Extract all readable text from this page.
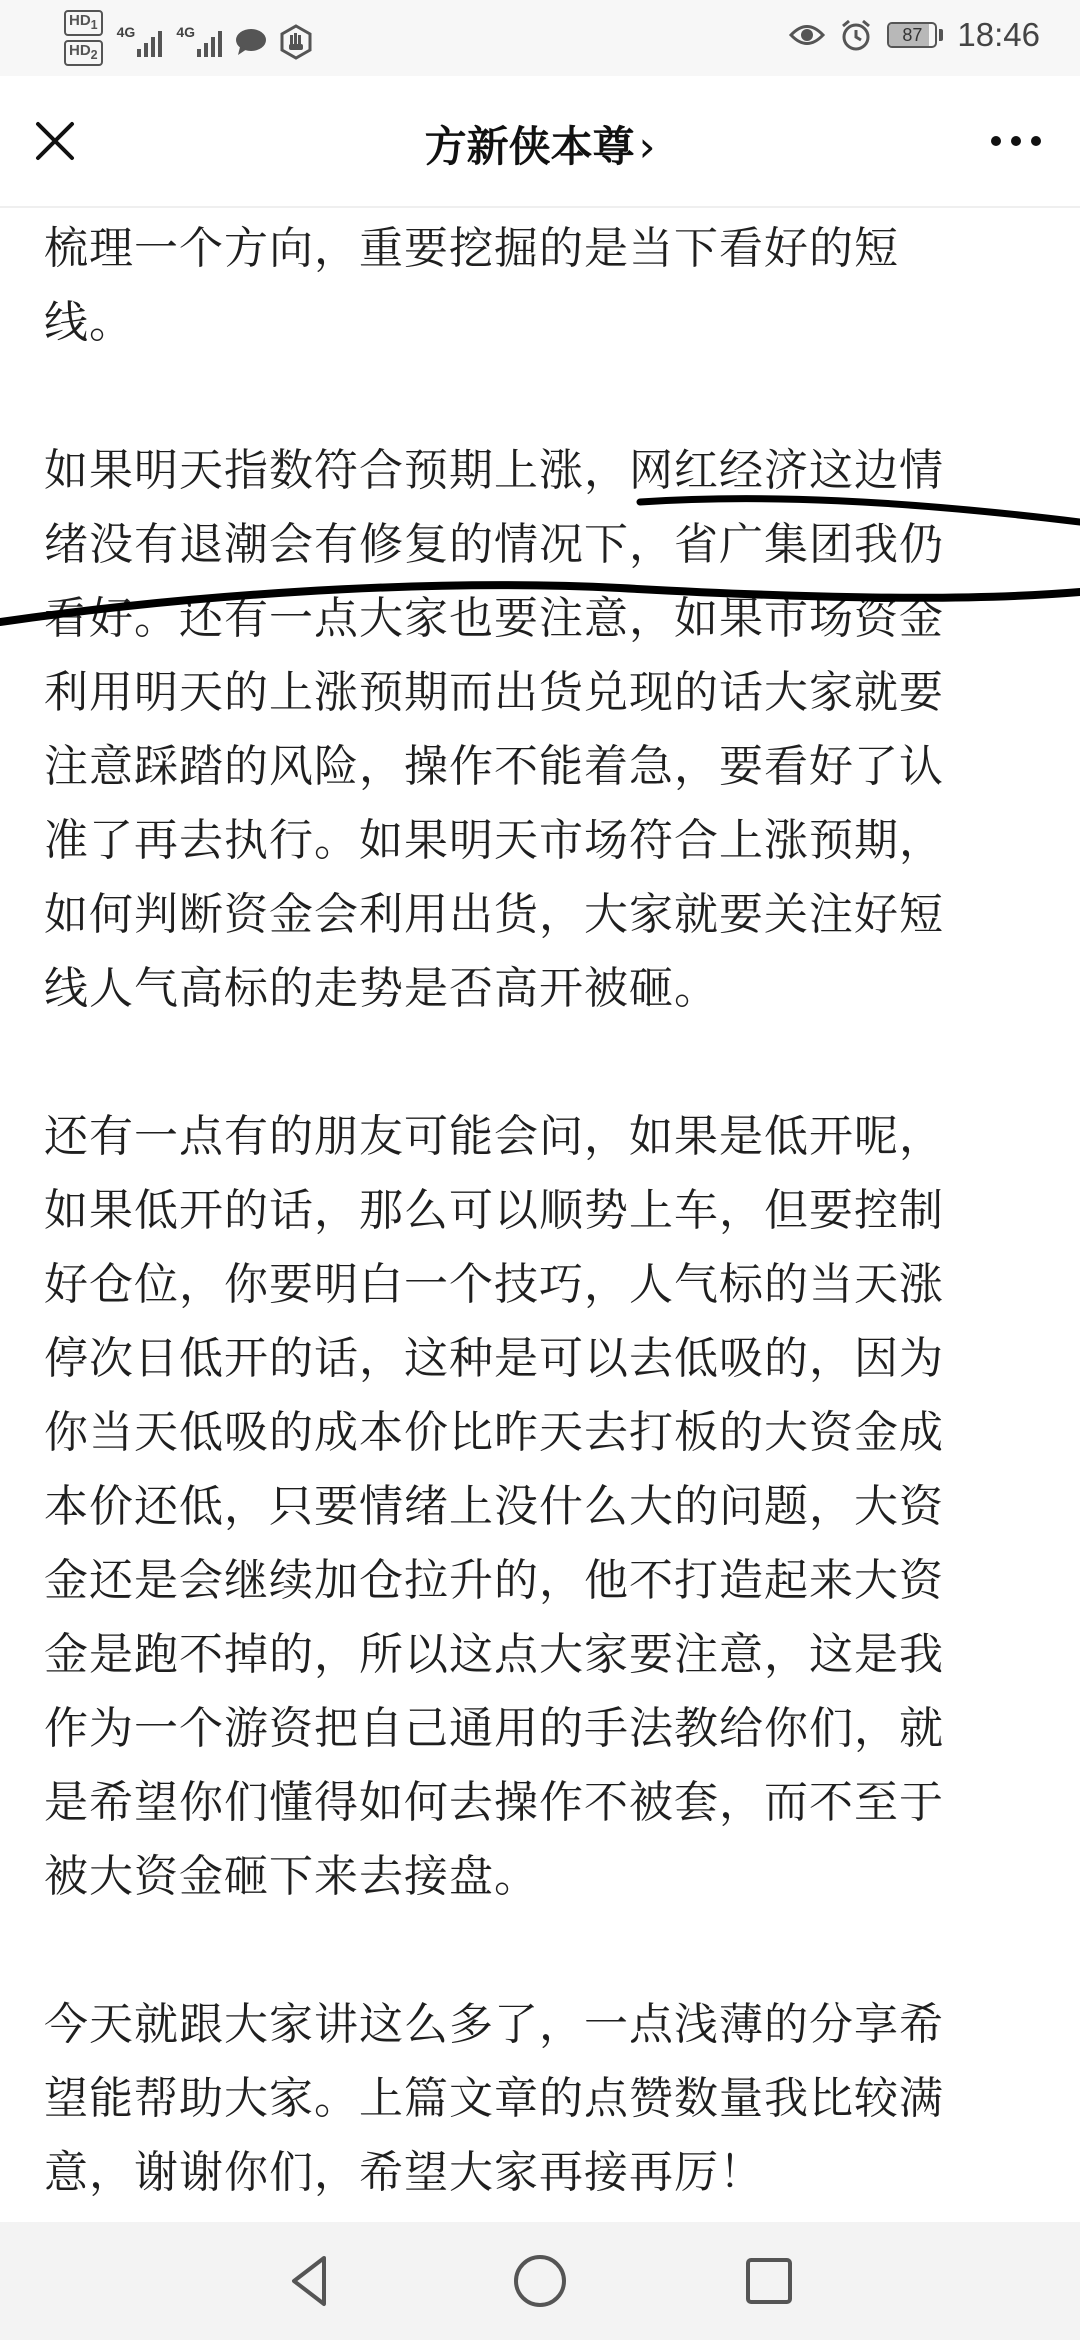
$HD_1$
$HD_2$
4G	4G	87	18:46
方新侠本尊›

梳理一个方向，重要挖掘的是当下看好的短
线。

如果明天指数符合预期上涨，网红经济这边情
绪没有退潮会有修复的情况下，省广集团我仍
看好。还有一点大家也要注意，如果市场资金
利用明天的上涨预期而出货兑现的话大家就要
注意踩踏的风险，操作不能着急，要看好了认
准了再去执行。如果明天市场符合上涨预期，
如何判断资金会利用出货，大家就要关注好短
线人气高标的走势是否高开被砸。

还有一点有的朋友可能会问，如果是低开呢，
如果低开的话，那么可以顺势上车，但要控制
好仓位，你要明白一个技巧，人气标的当天涨
停次日低开的话，这种是可以去低吸的，因为
你当天低吸的成本价比昨天去打板的大资金成
本价还低，只要情绪上没什么大的问题，大资
金还是会继续加仓拉升的，他不打造起来大资
金是跑不掉的，所以这点大家要注意，这是我
作为一个游资把自己通用的手法教给你们，就
是希望你们懂得如何去操作不被套，而不至于
被大资金砸下来去接盘。

今天就跟大家讲这么多了，一点浅薄的分享希
望能帮助大家。上篇文章的点赞数量我比较满
意，谢谢你们，希望大家再接再厉！
